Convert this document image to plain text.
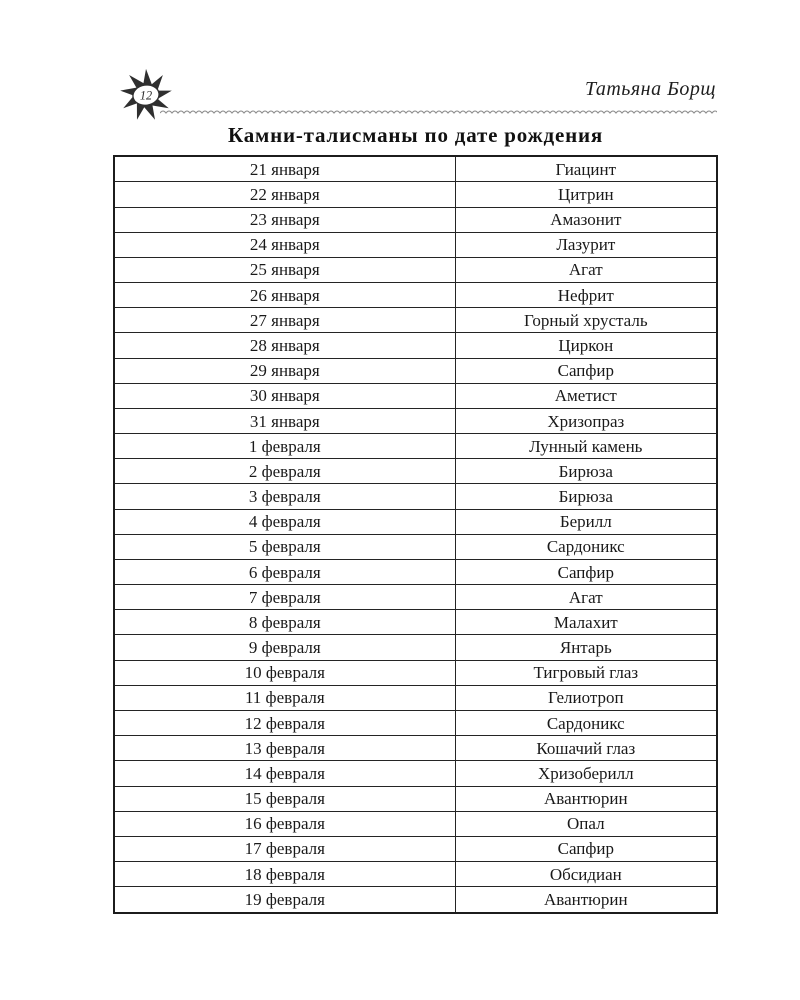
12	Татьяна Борщ
Камни-талисманы по дате рождения
21 января	Гиацинт
22 января	Цитрин
23 января	Амазонит
24 января	Лазурит
25 января	Агат
26 января	Нефрит
27 января	Горный хрусталь
28 января	Циркон
29 января	Сапфир
30 января	Аметист
31 января	Хризопраз
1 февраля	Лунный камень
2 февраля	Бирюза
3 февраля	Бирюза
4 февраля	Берилл
5 февраля	Сардоникс
6 февраля	Сапфир
7 февраля	Агат
8 февраля	Малахит
9 февраля	Янтарь
10 февраля	Тигровый глаз
11 февраля	Гелиотроп
12 февраля	Сардоникс
13 февраля	Кошачий глаз
14 февраля	Хризоберилл
15 февраля	Авантюрин
16 февраля	Опал
17 февраля	Сапфир
18 февраля	Обсидиан
19 февраля	Авантюрин
